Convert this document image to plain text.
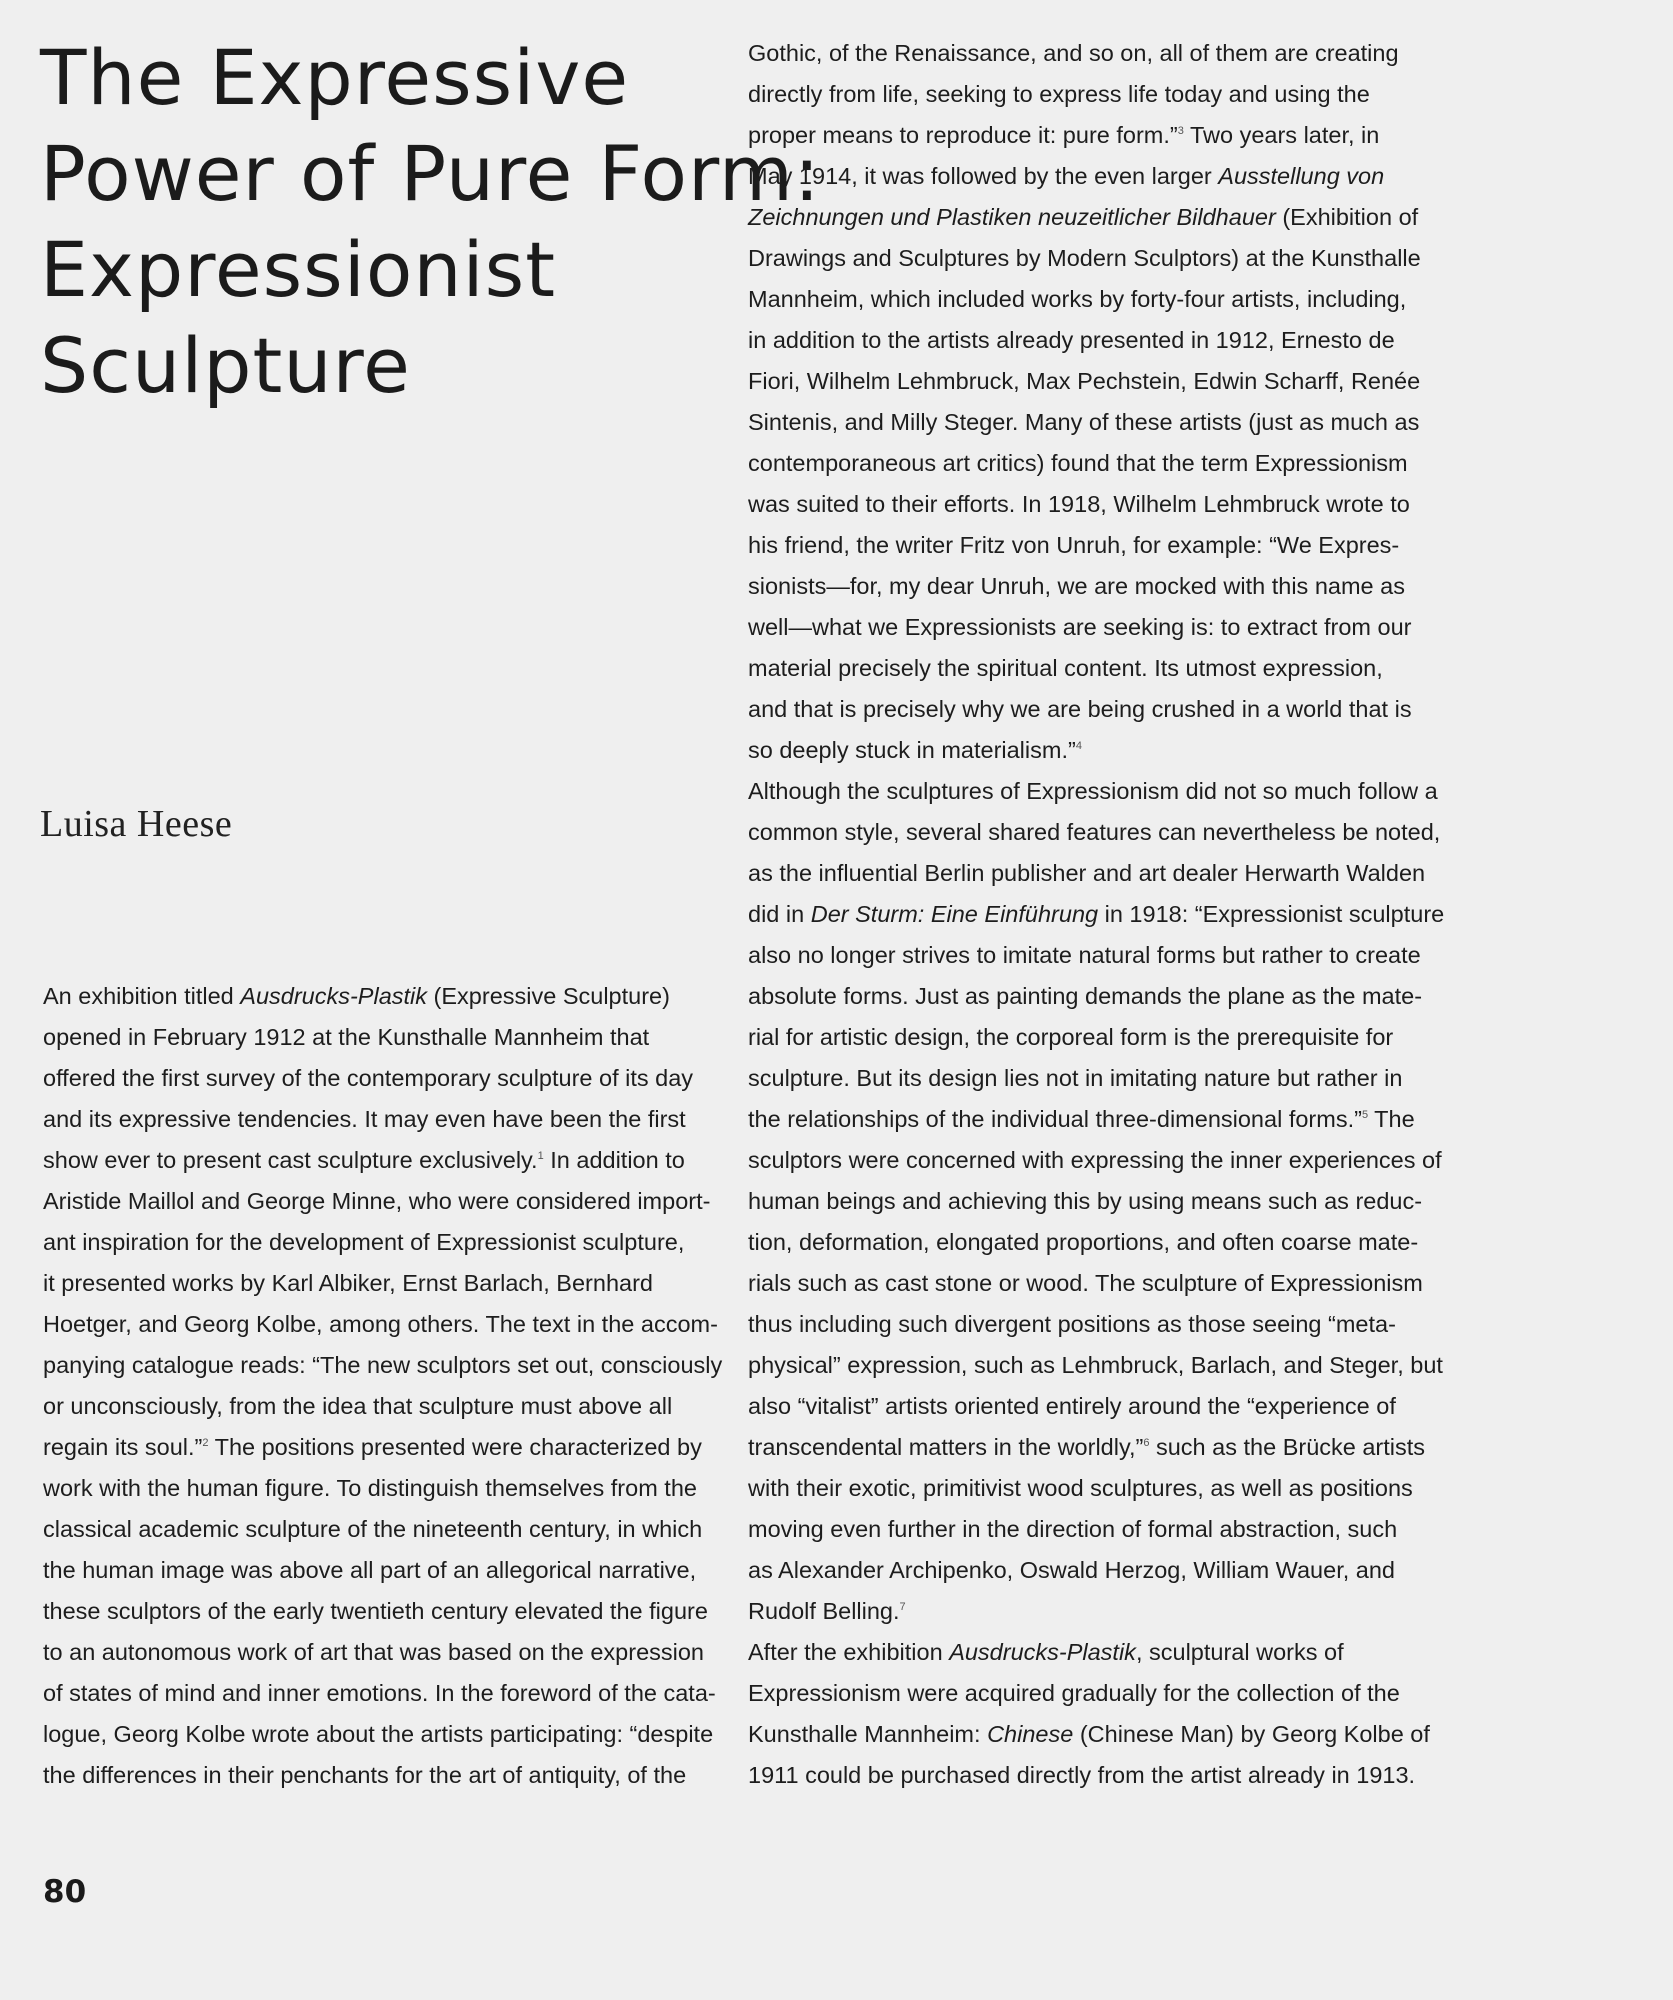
The Expressive
Power of Pure Form:
Expressionist
Sculpture
Luisa Heese
An exhibition titled Ausdrucks-Plastik (Expressive Sculpture)
opened in February 1912 at the Kunsthalle Mannheim that
offered the first survey of the contemporary sculpture of its day
and its expressive tendencies. It may even have been the first
show ever to present cast sculpture exclusively.$^1$ In addition to
Aristide Maillol and George Minne, who were considered import-
ant inspiration for the development of Expressionist sculpture,
it presented works by Karl Albiker, Ernst Barlach, Bernhard
Hoetger, and Georg Kolbe, among others. The text in the accom-
panying catalogue reads: “The new sculptors set out, consciously
or unconsciously, from the idea that sculpture must above all
regain its soul.”$^2$ The positions presented were characterized by
work with the human figure. To distinguish themselves from the
classical academic sculpture of the nineteenth century, in which
the human image was above all part of an allegorical narrative,
these sculptors of the early twentieth century elevated the figure
to an autonomous work of art that was based on the expression
of states of mind and inner emotions. In the foreword of the cata-
logue, Georg Kolbe wrote about the artists participating: “despite
the differences in their penchants for the art of antiquity, of the
Gothic, of the Renaissance, and so on, all of them are creating
directly from life, seeking to express life today and using the
proper means to reproduce it: pure form.”$^3$ Two years later, in
May 1914, it was followed by the even larger Ausstellung von
Zeichnungen und Plastiken neuzeitlicher Bildhauer (Exhibition of
Drawings and Sculptures by Modern Sculptors) at the Kunsthalle
Mannheim, which included works by forty-four artists, including,
in addition to the artists already presented in 1912, Ernesto de
Fiori, Wilhelm Lehmbruck, Max Pechstein, Edwin Scharff, Renée
Sintenis, and Milly Steger. Many of these artists (just as much as
contemporaneous art critics) found that the term Expressionism
was suited to their efforts. In 1918, Wilhelm Lehmbruck wrote to
his friend, the writer Fritz von Unruh, for example: “We Expres-
sionists—for, my dear Unruh, we are mocked with this name as
well—what we Expressionists are seeking is: to extract from our
material precisely the spiritual content. Its utmost expression,
and that is precisely why we are being crushed in a world that is
so deeply stuck in materialism.”$^4$
Although the sculptures of Expressionism did not so much follow a
common style, several shared features can nevertheless be noted,
as the influential Berlin publisher and art dealer Herwarth Walden
did in Der Sturm: Eine Einführung in 1918: “Expressionist sculpture
also no longer strives to imitate natural forms but rather to create
absolute forms. Just as painting demands the plane as the mate-
rial for artistic design, the corporeal form is the prerequisite for
sculpture. But its design lies not in imitating nature but rather in
the relationships of the individual three-dimensional forms.”$^5$ The
sculptors were concerned with expressing the inner experiences of
human beings and achieving this by using means such as reduc-
tion, deformation, elongated proportions, and often coarse mate-
rials such as cast stone or wood. The sculpture of Expressionism
thus including such divergent positions as those seeing “meta-
physical” expression, such as Lehmbruck, Barlach, and Steger, but
also “vitalist” artists oriented entirely around the “experience of
transcendental matters in the worldly,”$^6$ such as the Brücke artists
with their exotic, primitivist wood sculptures, as well as positions
moving even further in the direction of formal abstraction, such
as Alexander Archipenko, Oswald Herzog, William Wauer, and
Rudolf Belling.$^7$
After the exhibition Ausdrucks-Plastik, sculptural works of
Expressionism were acquired gradually for the collection of the
Kunsthalle Mannheim: Chinese (Chinese Man) by Georg Kolbe of
1911 could be purchased directly from the artist already in 1913.
80
